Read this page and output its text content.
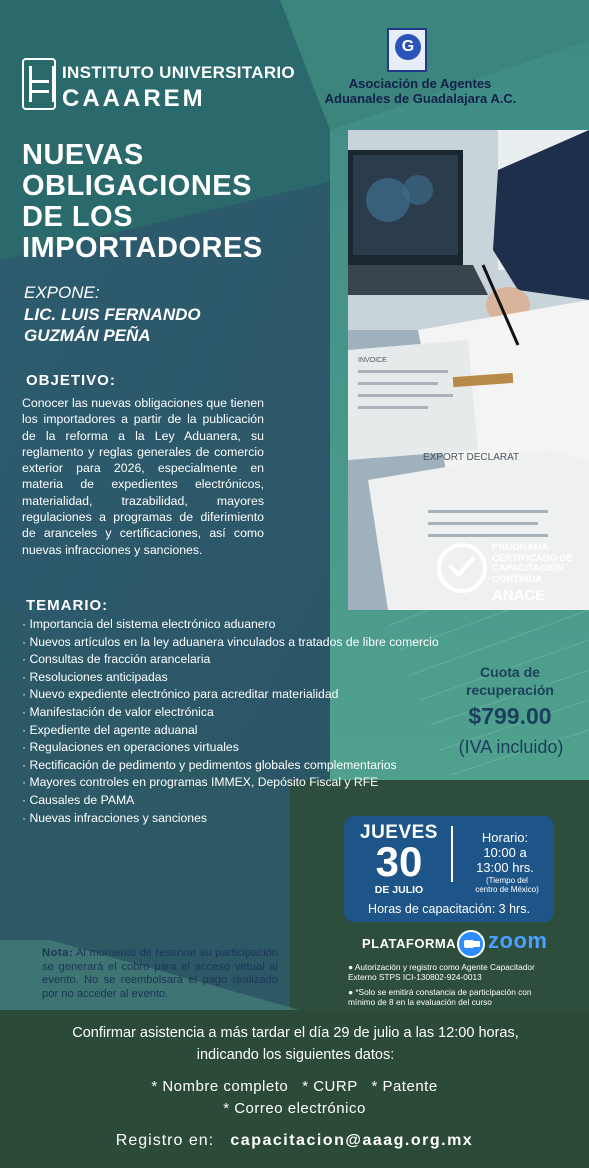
EXPORT DECLARAT
INVOICE
INSTITUTO UNIVERSITARIO
CAAAREM
G
Asociación de Agentes
Aduanales de Guadalajara A.C.
NUEVAS
OBLIGACIONES
DE LOS
IMPORTADORES
EXPONE:
LIC. LUIS FERNANDO
GUZMÁN PEÑA
OBJETIVO:
Conocer las nuevas obligaciones que tienen los importadores a partir de la publicación de la reforma a la Ley Aduanera, su reglamento y reglas generales de comercio exterior para 2026, especialmente en materia de expedientes electrónicos, materialidad, trazabilidad, mayores regulaciones a programas de diferimiento de aranceles y certificaciones, así como nuevas infracciones y sanciones.
TEMARIO:
· Importancia del sistema electrónico aduanero
· Nuevos artículos en la ley aduanera vinculados a tratados de libre comercio
· Consultas de fracción arancelaria
· Resoluciones anticipadas
· Nuevo expediente electrónico para acreditar materialidad
· Manifestación de valor electrónica
· Expediente del agente aduanal
· Regulaciones en operaciones virtuales
· Rectificación de pedimento y pedimentos globales complementarios
· Mayores controles en programas IMMEX, Depósito Fiscal y RFE
· Causales de PAMA
· Nuevas infracciones y sanciones
PROGRAMA
CERTIFICADO DE
CAPACITACIÓN
CONTINUA
ANACE
Cuota de
recuperación
$799.00
(IVA incluido)
JUEVES
30
DE JULIO
Horario:
10:00 a
13:00 hrs.
(Tiempo del
centro de México)
Horas de capacitación: 3 hrs.
PLATAFORMA zoom
● Autorización y registro como Agente Capacitador Externo STPS ICI-130802-924-0013
● *Solo se emitirá constancia de participación con mínimo de 8 en la evaluación del curso
Nota: Al momento de reservar su participación se generará el cobro para el acceso virtual al evento. No se reembolsará el pago realizado por no acceder al evento.
Confirmar asistencia a más tardar el día 29 de julio a las 12:00 horas,
indicando los siguientes datos:
* Nombre completo   * CURP   * Patente
* Correo electrónico
Registro en: capacitacion@aaag.org.mx
